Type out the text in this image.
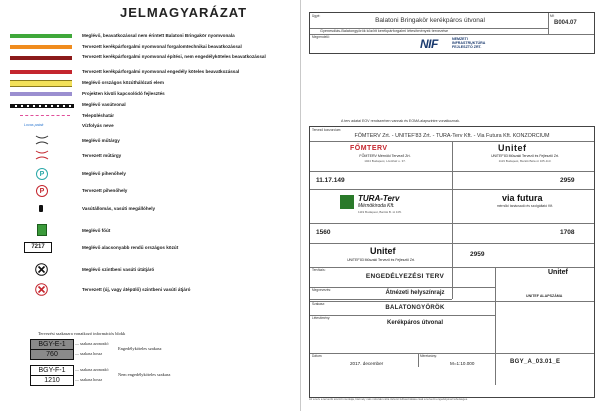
JELMAGYARÁZAT
Meglévő, beavatkozással nem érintett Balatoni Bringakör nyomvonala
Tervezett kerékpárforgalmi nyomvonal forgalomtechnikai beavatkozással
Tervezett kerékpárforgalmi nyomvonal építési, nem engedélyköteles beavatkozással
Tervezett kerékpárforgalmi nyomvonal engedély köteles beavatkozással
Meglévő országos közúthálózati elem
Projekten kívüli kapcsolódó fejlesztés
Meglévő vasútvonal
Településhatár
Lovas patak	Vízfolyás neve
Meglévő műtárgy
Tervezett műtárgy
P	Meglévő pihenőhely
P	Tervezett pihenőhely
Vasútállomás, vasúti megállóhely
Meglévő főút
7217	Meglévő alacsonyabb rendű országos közút
Meglévő szintbeni vasúti útátjáró
Tervezett (új, vagy átépülő) szintbeni vasúti átjáró
Tervezési szakaszra vonatkozó információs blokk
BGY-E-1
760
— szakasz azonosító
— szakasz hossz
Engedélyköteles szakasz
BGY-F-1
1210
— szakasz azonosító
— szakasz hossz
Nem engedélyköteles szakasz
Ügyé:
Balatoni Bringakör kerékpáros útvonal
Mf:
B004.07
Gyenesdiás-Balatongyörök között kerékpárforgalmi létesítmények tervezése
Megrendelő:	NIF	NEMZETI
INFRASTRUKTÚRA
FEJLESZTŐ ZRT.
A terv adatai EOV rendszerben vannak és EOMA alapszintre vonatkoznak.
Tervező konzorcium:
FŐMTERV Zrt. - UNITEF'83 Zrt. - TURA-Terv Kft. - Via Futura Kft. KONZORCIUM
FŐMTERV
FŐMTERV Mérnöki Tervező Zrt.
1024 Budapest, Lövőház u. 37.
Unitef
UNITEF'83 Műszaki Tervező és Fejlesztő Zrt.
1119 Budapest, Bartók Béla út 105-113.
11.17.149	2959
TURA-Terv
Mérnökiroda Kft.
1119 Budapest, Bartók B. út 105.
via futura
mérnöki tanácsadó és szolgáltató Kft.
1560	1708
Unitef
UNITEF'83 Műszaki Tervező és Fejlesztő Zrt.
2959
Tervfázis:
ENGEDÉLYEZÉSI TERV
Unitef
UNITEF ALAPSZÁMA
Megnevezés:	Átnézeti helyszínrajz
Szakasz:
BALATONGYÖRÖK
Létesítmény:
Kerékpáros útvonal
Dátum:
2017. december
Méretarány:
M=1:10.000	BGY_A_03.01_E
Az a terv a tervezői szerzői munkája, bármely más műszaki célra történő felhasználása csak a tervező engedélyével lehetséges.
